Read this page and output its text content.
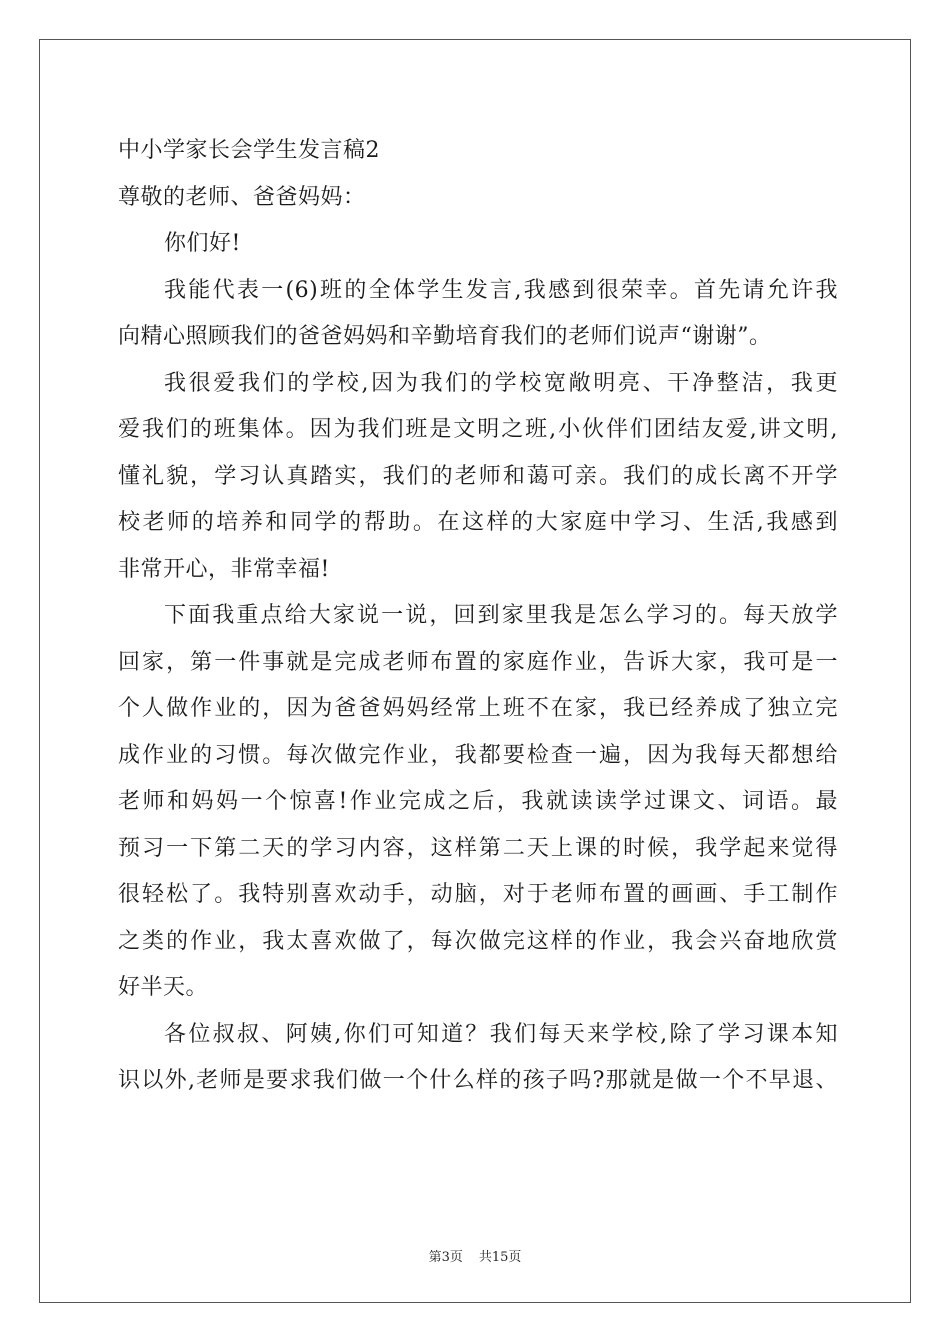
中小学家长会学生发言稿2
尊敬的老师、爸爸妈妈：
你们好!
我能代表一(6)班的全体学生发言,我感到很荣幸。首先请允许我
向精心照顾我们的爸爸妈妈和辛勤培育我们的老师们说声“谢谢”。
我很爱我们的学校,因为我们的学校宽敞明亮、干净整洁，我更
爱我们的班集体。因为我们班是文明之班,小伙伴们团结友爱,讲文明,
懂礼貌，学习认真踏实，我们的老师和蔼可亲。我们的成长离不开学
校老师的培养和同学的帮助。在这样的大家庭中学习、生活,我感到
非常开心，非常幸福!
下面我重点给大家说一说，回到家里我是怎么学习的。每天放学
回家，第一件事就是完成老师布置的家庭作业，告诉大家，我可是一
个人做作业的，因为爸爸妈妈经常上班不在家，我已经养成了独立完
成作业的习惯。每次做完作业，我都要检查一遍，因为我每天都想给
老师和妈妈一个惊喜!作业完成之后，我就读读学过课文、词语。最
预习一下第二天的学习内容，这样第二天上课的时候，我学起来觉得
很轻松了。我特别喜欢动手，动脑，对于老师布置的画画、手工制作
之类的作业，我太喜欢做了，每次做完这样的作业，我会兴奋地欣赏
好半天。
各位叔叔、阿姨,你们可知道？我们每天来学校,除了学习课本知
识以外,老师是要求我们做一个什么样的孩子吗?那就是做一个不早退、
第3页 共15页
